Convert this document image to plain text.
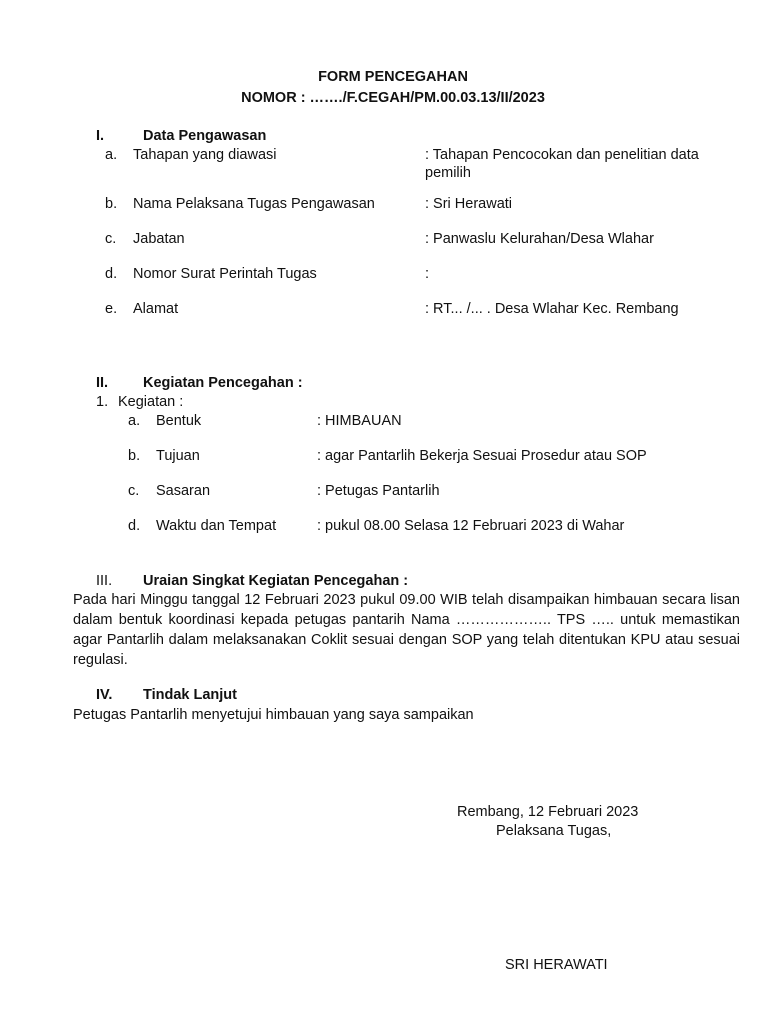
FORM PENCEGAHAN
NOMOR : ……./F.CEGAH/PM.00.03.13/II/2023
I.	Data Pengawasan
a. Tahapan yang diawasi	: Tahapan Pencocokan dan penelitian data pemilih
b. Nama Pelaksana Tugas Pengawasan	: Sri Herawati
c. Jabatan	: Panwaslu Kelurahan/Desa Wlahar
d. Nomor Surat Perintah Tugas	:
e. Alamat	: RT... /... . Desa Wlahar Kec. Rembang
II. Kegiatan Pencegahan :
1. Kegiatan :
a. Bentuk	: HIMBAUAN
b. Tujuan	: agar Pantarlih Bekerja Sesuai Prosedur atau SOP
c. Sasaran	: Petugas Pantarlih
d. Waktu dan Tempat	: pukul 08.00 Selasa 12 Februari 2023 di Wahar
III. Uraian Singkat Kegiatan Pencegahan :
Pada hari Minggu tanggal 12 Februari 2023 pukul 09.00 WIB telah disampaikan himbauan secara lisan dalam bentuk koordinasi kepada petugas pantarih Nama ……………….. TPS ….. untuk memastikan agar Pantarlih dalam melaksanakan Coklit sesuai dengan SOP yang telah ditentukan KPU atau sesuai regulasi.
IV. Tindak Lanjut
Petugas Pantarlih menyetujui himbauan yang saya sampaikan
Rembang, 12 Februari 2023
Pelaksana Tugas,
SRI HERAWATI
